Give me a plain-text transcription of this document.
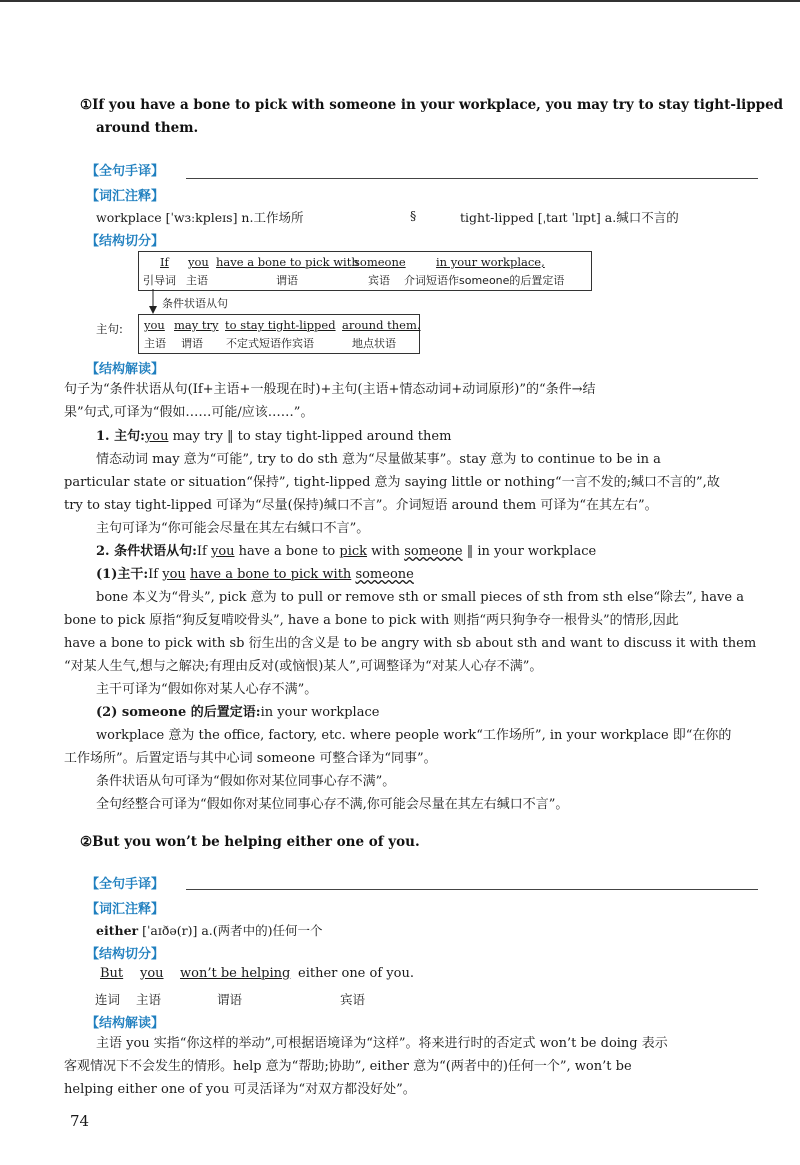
①If you have a bone to pick with someone in your workplace, you may try to stay tight-lipped
around them.
【 全句手译 】
【 词汇注释 】
workplace [ˈwɜːkpleɪs] n.工作场所	§	tight-lipped [ˌtaɪt ˈlɪpt] a.缄口不言的
【 结构切分 】
If you have a bone to pick with
someone	in your workplace,
引导词 主语	谓语	宾语 介词短语作someone的后置定语
条件状语从句
主句: you may try to stay tight-lipped around them.
主语 谓语 不定式短语作宾语	地点状语
【 结构解读 】
句子为“条件状语从句(If+主语+一般现在时)+主句(主语+情态动词+动词原形)”的“条件→结
果”句式,可译为“假如……可能/应该……”。
1. 主句:you may try ‖ to stay tight-lipped around them
情态动词 may 意为“可能”, try to do sth 意为“尽量做某事”。stay 意为 to continue to be in a
particular state or situation“保持”, tight-lipped 意为 saying little or nothing“一言不发的;缄口不言的”,故
try to stay tight-lipped 可译为“尽量(保持)缄口不言”。介词短语 around them 可译为“在其左右”。
主句可译为“你可能会尽量在其左右缄口不言”。
2. 条件状语从句:If you have a bone to pick with someone ‖ in your workplace
(1)主干:If you have a bone to pick with someone
bone 本义为“骨头”, pick 意为 to pull or remove sth or small pieces of sth from sth else“除去”, have a
bone to pick 原指“狗反复啃咬骨头”, have a bone to pick with 则指“两只狗争夺一根骨头”的情形,因此
have a bone to pick with sb 衍生出的含义是 to be angry with sb about sth and want to discuss it with them
“对某人生气,想与之解决;有理由反对(或恼恨)某人”,可调整译为“对某人心存不满”。
主干可译为“假如你对某人心存不满”。
(2) someone 的后置定语:in your workplace
workplace 意为 the office, factory, etc. where people work“工作场所”, in your workplace 即“在你的
工作场所”。后置定语与其中心词 someone 可整合译为“同事”。
条件状语从句可译为“假如你对某位同事心存不满”。
全句经整合可译为“假如你对某位同事心存不满,你可能会尽量在其左右缄口不言”。
②But you won’t be helping either one of you.
【 全句手译 】
【 词汇注释 】
either [ˈaɪðə(r)] a.(两者中的)任何一个
【 结构切分 】
But you won’t be helping either one of you.
连词 主语	谓语	宾语
【 结构解读 】
主语 you 实指“你这样的举动”,可根据语境译为“这样”。将来进行时的否定式 won’t be doing 表示
客观情况下不会发生的情形。help 意为“帮助;协助”, either 意为“(两者中的)任何一个”, won’t be
helping either one of you 可灵活译为“对双方都没好处”。
74
